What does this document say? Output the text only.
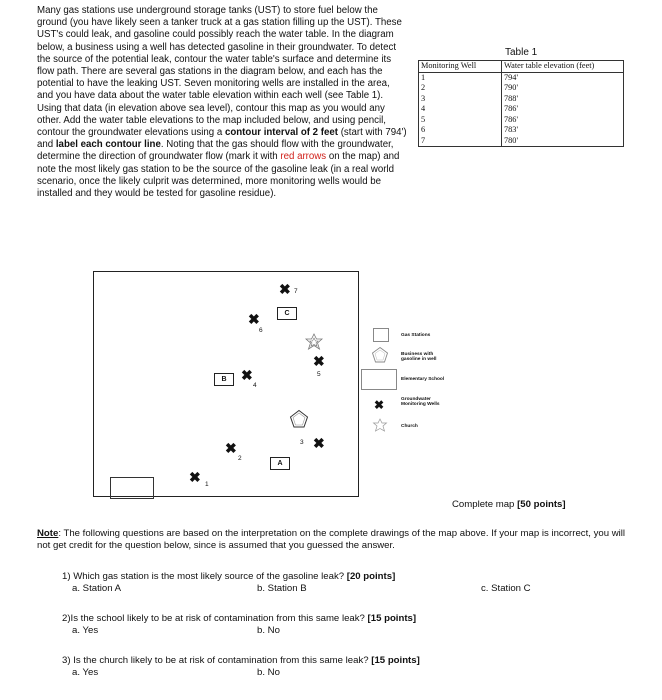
Many gas stations use underground storage tanks (UST) to store fuel below the ground (you have likely seen a tanker truck at a gas station filling up the UST). These UST's could leak, and gasoline could possibly reach the water table. In the diagram below, a business using a well has detected gasoline in their groundwater. To detect the source of the potential leak, contour the water table's surface and determine its flow path. There are several gas stations in the diagram below, and each has the potential to have the leaking UST. Seven monitoring wells are installed in the area, and you have data about the water table elevation within each well (see Table 1). Using that data (in elevation above sea level), contour this map as you would any other. Add the water table elevations to the map included below, and using pencil, contour the groundwater elevations using a contour interval of 2 feet (start with 794') and label each contour line. Noting that the gas should flow with the groundwater, determine the direction of groundwater flow (mark it with red arrows on the map) and note the most likely gas station to be the source of the gasoline leak (in a real world scenario, once the likely culprit was determined, more monitoring wells would be installed and they would be tested for gasoline residue).
Table 1
Monitoring Well	Water table elevation (feet)
1	794'
2	790'
3	788'
4	786'
5	786'
6	783'
7	780'
✖ 7
✖
6
✖
5
✖
4
✖
3
✖
2
✖ 1
C
B
A
Gas Stations
Business with gasoline in well
Elementary School
✖	Groundwater Monitoring Wells
Church
Complete map [50 points]
Note: The following questions are based on the interpretation on the complete drawings of the map above. If your map is incorrect, you will not get credit for the question below, since is assumed that you guessed the answer.
1) Which gas station is the most likely source of the gasoline leak? [20 points]
a. Station A	b. Station B	c. Station C
2)Is the school likely to be at risk of contamination from this same leak? [15 points]
a. Yes	b. No
3) Is the church likely to be at risk of contamination from this same leak? [15 points]
a. Yes	b. No
